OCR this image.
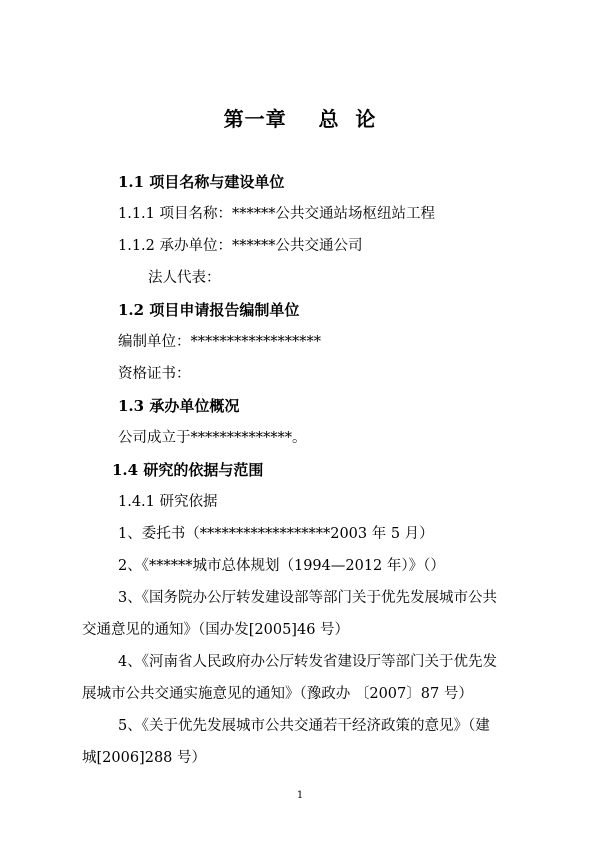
第一章    总  论
1.1 项目名称与建设单位
1.1.1 项目名称：******公共交通站场枢纽站工程
1.1.2 承办单位：******公共交通公司
法人代表：
1.2 项目申请报告编制单位
编制单位：******************
资格证书：
1.3 承办单位概况
公司成立于**************。
1.4 研究的依据与范围
1.4.1 研究依据
1、委托书（******************2003 年 5 月）
2、《******城市总体规划（1994—2012 年）》（）
3、《国务院办公厅转发建设部等部门关于优先发展城市公共
交通意见的通知》（国办发[2005]46 号）
4、《河南省人民政府办公厅转发省建设厅等部门关于优先发
展城市公共交通实施意见的通知》（豫政办 〔2007〕87 号）
5、《关于优先发展城市公共交通若干经济政策的意见》（建
城[2006]288 号）
1
